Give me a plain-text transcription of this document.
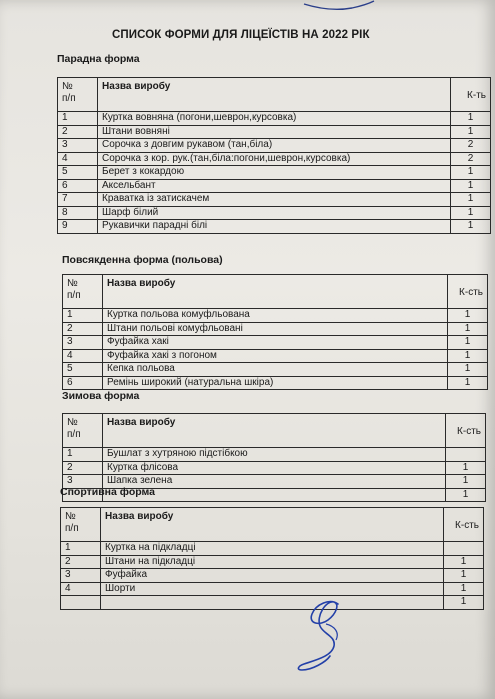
СПИСОК ФОРМИ ДЛЯ ЛІЦЕЇСТІВ НА 2022 РІК
Парадна форма
№
п/п	Назва виробу	К-ть
1	Куртка вовняна (погони,шеврон,курсовка)	1
2	Штани вовняні	1
3	Сорочка з довгим рукавом (тан,біла)	2
4	Сорочка з кор. рук.(тан,біла:погони,шеврон,курсовка)	2
5	Берет з кокардою	1
6	Аксельбант	1
7	Краватка із затискачем	1
8	Шарф білий	1
9	Рукавички парадні білі	1
Повсякденна форма (польова)
№
п/п	Назва виробу	К-сть
1	Куртка польова комуфльована	1
2	Штани польові комуфльовані	1
3	Фуфайка хакі	1
4	Фуфайка хакі з погоном	1
5	Кепка польова	1
6	Ремінь широкий (натуральна шкіра)	1
Зимова форма
№
п/п	Назва виробу	К-сть
1	Бушлат з хутряною підстібкою	
2	Куртка флісова	1
3	Шапка зелена	1
		1
Спортивна форма
№
п/п	Назва виробу	К-сть
1	Куртка на підкладці	
2	Штани на підкладці	1
3	Фуфайка	1
4	Шорти	1
		1
